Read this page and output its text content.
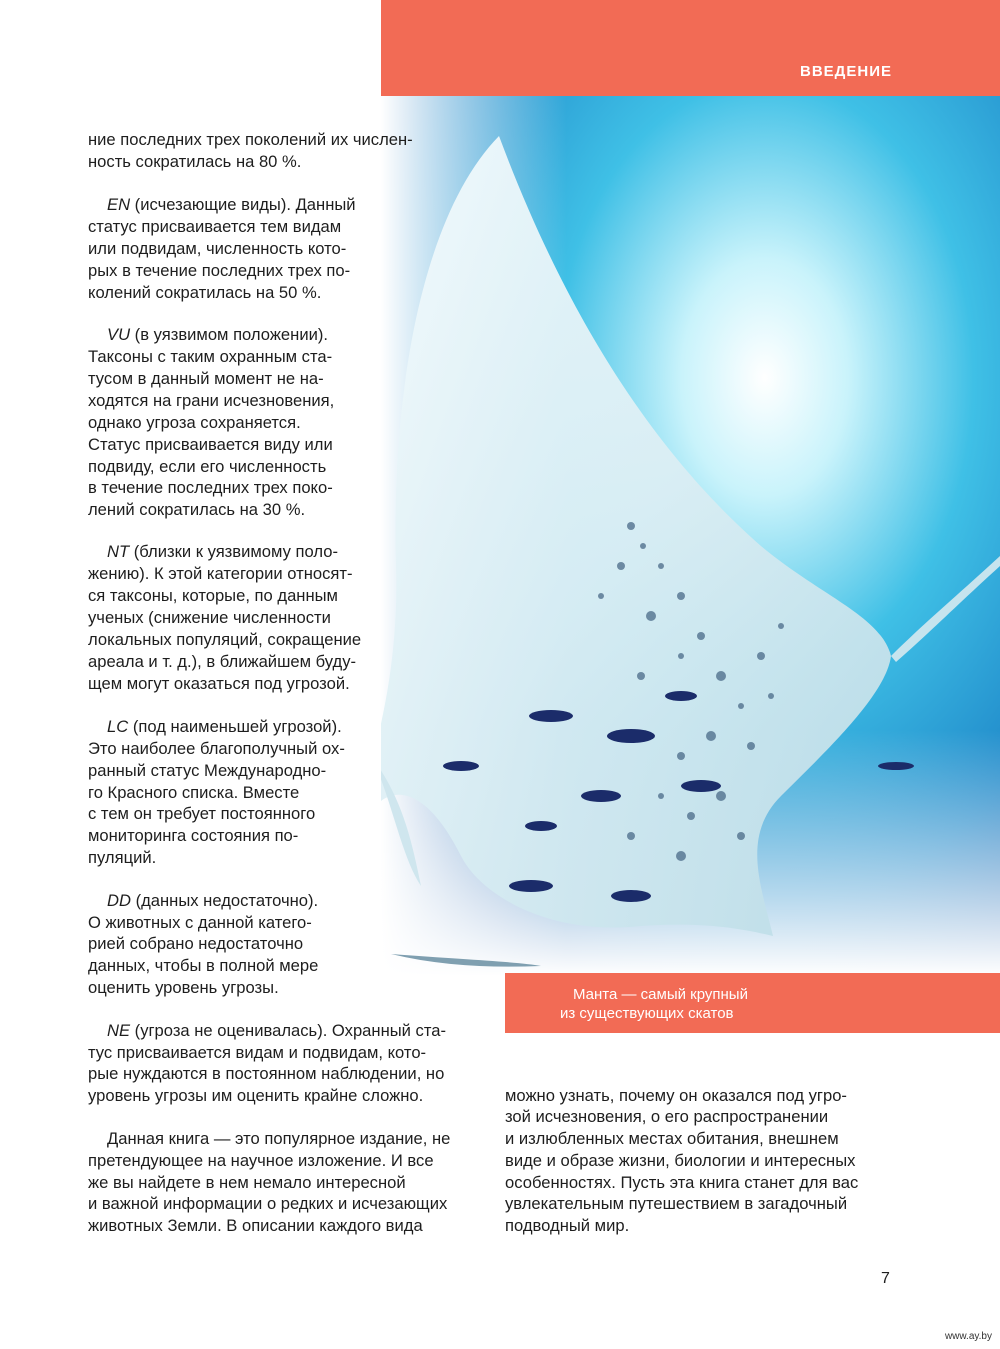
ВВЕДЕНИЕ
Манта — самый крупный
из существующих скатов
ние последних трех поколений их числен-
ность сократилась на 80 %.
EN (исчезающие виды). Данный
статус присваивается тем видам
или подвидам, численность кото-
рых в течение последних трех по-
колений сократилась на 50 %.
VU (в уязвимом положении).
Таксоны с таким охранным ста-
тусом в данный момент не на-
ходятся на грани исчезновения,
однако угроза сохраняется.
Статус присваивается виду или
подвиду, если его численность
в течение последних трех поко-
лений сократилась на 30 %.
NT (близки к уязвимому поло-
жению). К этой категории относят-
ся таксоны, которые, по данным
ученых (снижение численности
локальных популяций, сокращение
ареала и т. д.), в ближайшем буду-
щем могут оказаться под угрозой.
LC (под наименьшей угрозой).
Это наиболее благополучный ох-
ранный статус Международно-
го Красного списка. Вместе
с тем он требует постоянного
мониторинга состояния по-
пуляций.
DD (данных недостаточно).
О животных с данной катего-
рией собрано недостаточно
данных, чтобы в полной мере
оценить уровень угрозы.
NE (угроза не оценивалась). Охранный ста-
тус присваивается видам и подвидам, кото-
рые нуждаются в постоянном наблюдении, но
уровень угрозы им оценить крайне сложно.
Данная книга — это популярное издание, не
претендующее на научное изложение. И все
же вы найдете в нем немало интересной
и важной информации о редких и исчезающих
животных Земли. В описании каждого вида
можно узнать, почему он оказался под угро-
зой исчезновения, о его распространении
и излюбленных местах обитания, внешнем
виде и образе жизни, биологии и интересных
особенностях. Пусть эта книга станет для вас
увлекательным путешествием в загадочный
подводный мир.
7
www.ay.by
